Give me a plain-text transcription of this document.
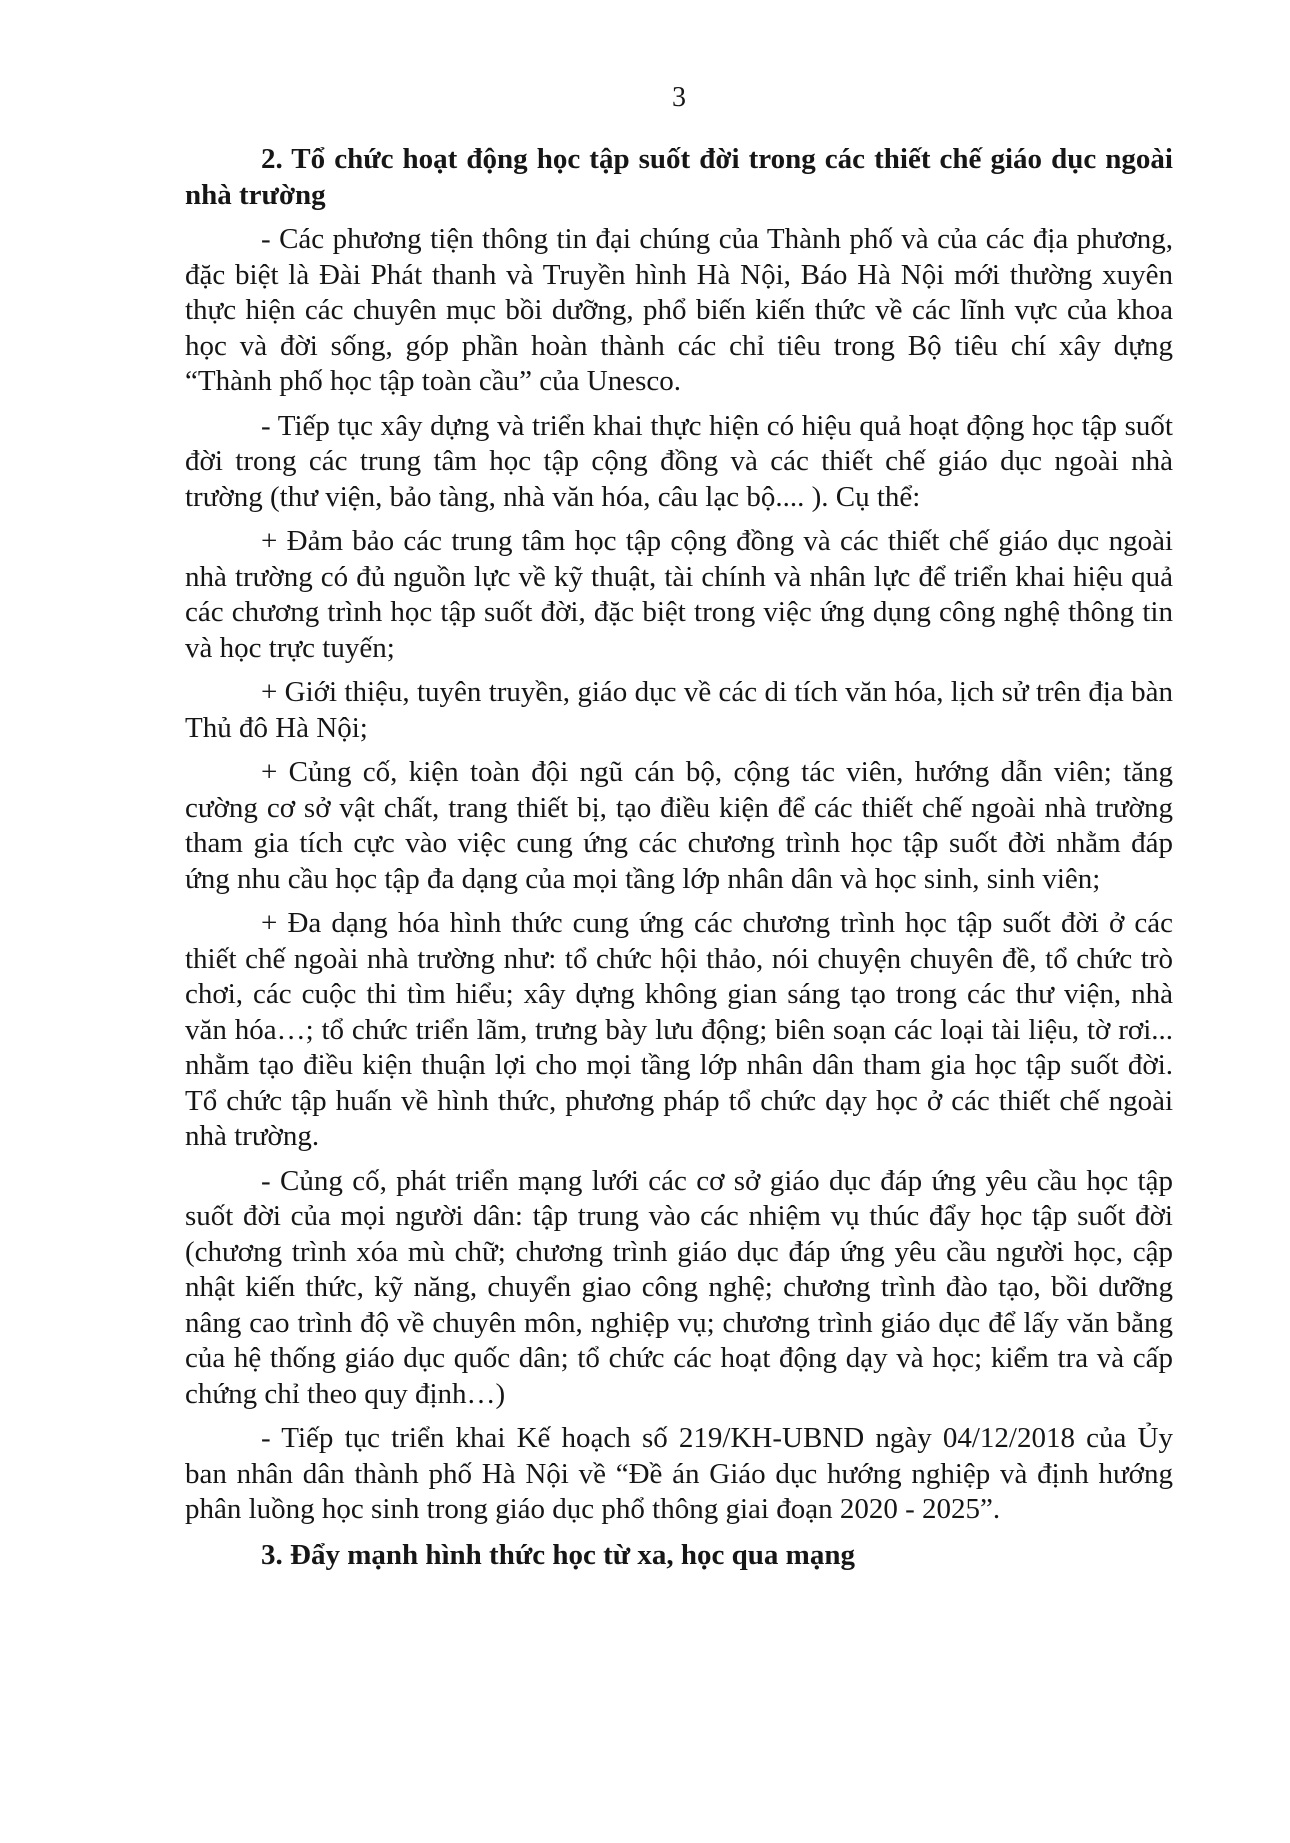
3

2. Tổ chức hoạt động học tập suốt đời trong các thiết chế giáo dục ngoài nhà trường

- Các phương tiện thông tin đại chúng của Thành phố và của các địa phương, đặc biệt là Đài Phát thanh và Truyền hình Hà Nội, Báo Hà Nội mới thường xuyên thực hiện các chuyên mục bồi dưỡng, phổ biến kiến thức về các lĩnh vực của khoa học và đời sống, góp phần hoàn thành các chỉ tiêu trong Bộ tiêu chí xây dựng “Thành phố học tập toàn cầu” của Unesco.

- Tiếp tục xây dựng và triển khai thực hiện có hiệu quả hoạt động học tập suốt đời trong các trung tâm học tập cộng đồng và các thiết chế giáo dục ngoài nhà trường (thư viện, bảo tàng, nhà văn hóa, câu lạc bộ.... ). Cụ thể:

+ Đảm bảo các trung tâm học tập cộng đồng và các thiết chế giáo dục ngoài nhà trường có đủ nguồn lực về kỹ thuật, tài chính và nhân lực để triển khai hiệu quả các chương trình học tập suốt đời, đặc biệt trong việc ứng dụng công nghệ thông tin và học trực tuyến;

+ Giới thiệu, tuyên truyền, giáo dục về các di tích văn hóa, lịch sử trên địa bàn Thủ đô Hà Nội;

+ Củng cố, kiện toàn đội ngũ cán bộ, cộng tác viên, hướng dẫn viên; tăng cường cơ sở vật chất, trang thiết bị, tạo điều kiện để các thiết chế ngoài nhà trường tham gia tích cực vào việc cung ứng các chương trình học tập suốt đời nhằm đáp ứng nhu cầu học tập đa dạng của mọi tầng lớp nhân dân và học sinh, sinh viên;

+ Đa dạng hóa hình thức cung ứng các chương trình học tập suốt đời ở các thiết chế ngoài nhà trường như: tổ chức hội thảo, nói chuyện chuyên đề, tổ chức trò chơi, các cuộc thi tìm hiểu; xây dựng không gian sáng tạo trong các thư viện, nhà văn hóa…; tổ chức triển lãm, trưng bày lưu động; biên soạn các loại tài liệu, tờ rơi... nhằm tạo điều kiện thuận lợi cho mọi tầng lớp nhân dân tham gia học tập suốt đời. Tổ chức tập huấn về hình thức, phương pháp tổ chức dạy học ở các thiết chế ngoài nhà trường.

- Củng cố, phát triển mạng lưới các cơ sở giáo dục đáp ứng yêu cầu học tập suốt đời của mọi người dân: tập trung vào các nhiệm vụ thúc đẩy học tập suốt đời (chương trình xóa mù chữ; chương trình giáo dục đáp ứng yêu cầu người học, cập nhật kiến thức, kỹ năng, chuyển giao công nghệ; chương trình đào tạo, bồi dưỡng nâng cao trình độ về chuyên môn, nghiệp vụ; chương trình giáo dục để lấy văn bằng của hệ thống giáo dục quốc dân; tổ chức các hoạt động dạy và học; kiểm tra và cấp chứng chỉ theo quy định…)

- Tiếp tục triển khai Kế hoạch số 219/KH-UBND ngày 04/12/2018 của Ủy ban nhân dân thành phố Hà Nội về “Đề án Giáo dục hướng nghiệp và định hướng phân luồng học sinh trong giáo dục phổ thông giai đoạn 2020 - 2025”.

3. Đẩy mạnh hình thức học từ xa, học qua mạng
